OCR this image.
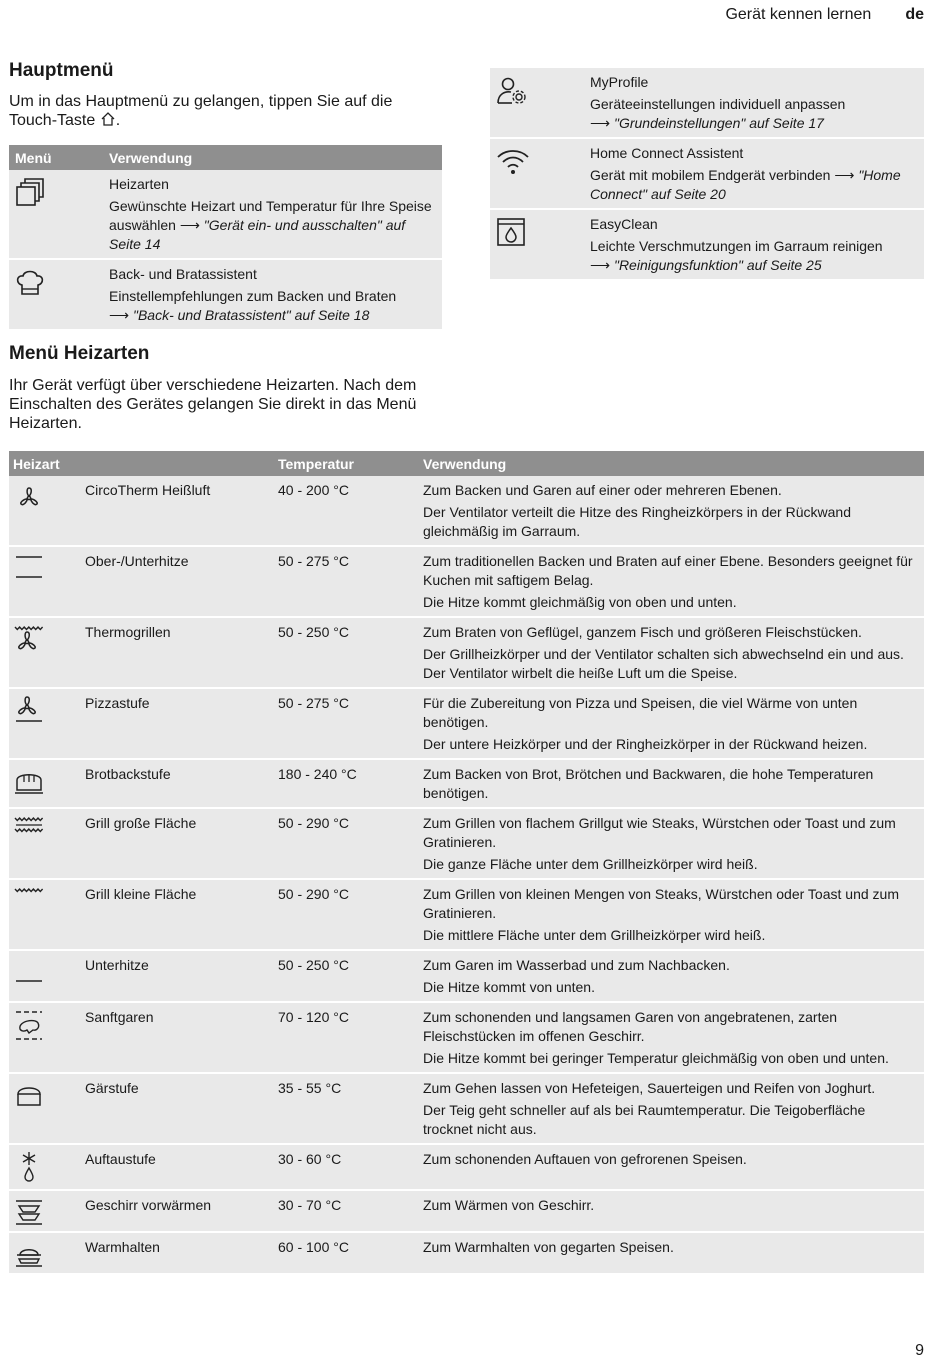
Gerät kennen lernen de
Hauptmenü
Um in das Hauptmenü zu gelangen, tippen Sie auf die Touch-Taste .
Menü	Verwendung
Heizarten
Gewünschte Heizart und Temperatur für Ihre Speise auswählen ⟶ "Gerät ein- und ausschalten" auf Seite 14
Back- und Bratassistent
Einstellempfehlungen zum Backen und Braten
⟶ "Back- und Bratassistent" auf Seite 18
MyProfile
Geräteeinstellungen individuell anpassen
⟶ "Grundeinstellungen" auf Seite 17
Home Connect Assistent
Gerät mit mobilem Endgerät verbinden ⟶ "Home Connect" auf Seite 20
EasyClean
Leichte Verschmutzungen im Garraum reinigen
⟶ "Reinigungsfunktion" auf Seite 25
Menü Heizarten
Ihr Gerät verfügt über verschiedene Heizarten. Nach dem Einschalten des Gerätes gelangen Sie direkt in das Menü Heizarten.
Heizart	Temperatur	Verwendung
CircoTherm Heißluft	40 - 200 °C	Zum Backen und Garen auf einer oder mehreren Ebenen.

Der Ventilator verteilt die Hitze des Ringheizkörpers in der Rückwand gleichmäßig im Garraum.

Ober-/Unterhitze	50 - 275 °C	Zum traditionellen Backen und Braten auf einer Ebene. Besonders geeignet für Kuchen mit saftigem Belag.

Die Hitze kommt gleichmäßig von oben und unten.

Thermogrillen	50 - 250 °C	Zum Braten von Geflügel, ganzem Fisch und größeren Fleischstücken.

Der Grillheizkörper und der Ventilator schalten sich abwechselnd ein und aus. Der Ventilator wirbelt die heiße Luft um die Speise.

Pizzastufe	50 - 275 °C	Für die Zubereitung von Pizza und Speisen, die viel Wärme von unten benötigen.

Der untere Heizkörper und der Ringheizkörper in der Rückwand heizen.

Brotbackstufe	180 - 240 °C	Zum Backen von Brot, Brötchen und Backwaren, die hohe Temperaturen benötigen.

Grill große Fläche	50 - 290 °C	Zum Grillen von flachem Grillgut wie Steaks, Würstchen oder Toast und zum Gratinieren.

Die ganze Fläche unter dem Grillheizkörper wird heiß.

Grill kleine Fläche	50 - 290 °C	Zum Grillen von kleinen Mengen von Steaks, Würstchen oder Toast und zum Gratinieren.

Die mittlere Fläche unter dem Grillheizkörper wird heiß.

Unterhitze	50 - 250 °C	Zum Garen im Wasserbad und zum Nachbacken.

Die Hitze kommt von unten.

Sanftgaren	70 - 120 °C	Zum schonenden und langsamen Garen von angebratenen, zarten Fleischstücken im offenen Geschirr.

Die Hitze kommt bei geringer Temperatur gleichmäßig von oben und unten.

Gärstufe	35 - 55 °C	Zum Gehen lassen von Hefeteigen, Sauerteigen und Reifen von Joghurt.

Der Teig geht schneller auf als bei Raumtemperatur. Die Teigoberfläche trocknet nicht aus.

Auftaustufe	30 - 60 °C	Zum schonenden Auftauen von gefrorenen Speisen.

Geschirr vorwärmen	30 - 70 °C	Zum Wärmen von Geschirr.

Warmhalten	60 - 100 °C	Zum Warmhalten von gegarten Speisen.

9
